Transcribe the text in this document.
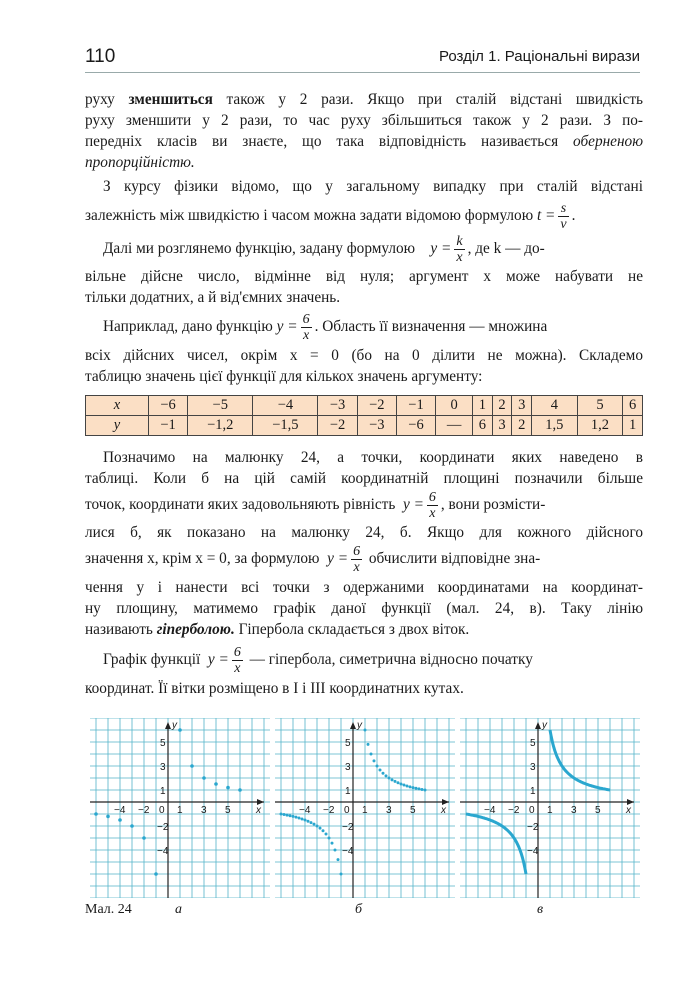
110	Розділ 1. Раціональні вирази
руху зменшиться також у 2 рази. Якщо при сталій відстані швидкість
руху зменшити у 2 рази, то час руху збільшиться також у 2 рази. З по-
передніх класів ви знаєте, що така відповідність називається оберненою
пропорційністю.
З курсу фізики відомо, що у загальному випадку при сталій відстані
залежність між швидкістю і часом можна задати відомою формулою $t = \frac{s}{v}$ .
Далі ми розглянемо функцію, задану формулою $y = \frac{k}{x}$ , де k — до-
вільне дійсне число, відмінне від нуля; аргумент x може набувати не
тільки додатних, а й від'ємних значень.
Наприклад, дано функцію $y = \frac{6}{x}$ . Область її визначення — множина
всіх дійсних чисел, окрім x = 0 (бо на 0 ділити не можна). Складемо
таблицю значень цієї функції для кількох значень аргументу:
x	−6	−5	−4	−3	−2	−1	0	1	2	3	4	5	6
y	−1	−1,2	−1,5	−2	−3	−6	—	6	3	2	1,5	1,2	1
Позначимо на малюнку 24, а точки, координати яких наведено в
таблиці. Коли б на цій самій координатній площині позначили більше
точок, координати яких задовольняють рівність $y = \frac{6}{x}$ , вони розмісти-
лися б, як показано на малюнку 24, б. Якщо для кожного дійсного
значення x, крім x = 0, за формулою $y = \frac{6}{x}$ обчислити відповідне зна-
чення y і нанести всі точки з одержаними координатами на координат-
ну площину, матимемо графік даної функції (мал. 24, в). Таку лінію
називають гіперболою. Гіпербола складається з двох віток.
Графік функції $y = \frac{6}{x}$ — гіпербола, симетрична відносно початку
координат. Її вітки розміщено в I і III координатних кутах.
x
y
0
−4 −2	1 3 5
5
3
1
−2
−4
x
y
0
−4 −2	1 3 5
5
3
1
−2
−4
x
y
0
−4 −2	1 3 5
5
3
1
−2
−4
Мал. 24	а	б	в
